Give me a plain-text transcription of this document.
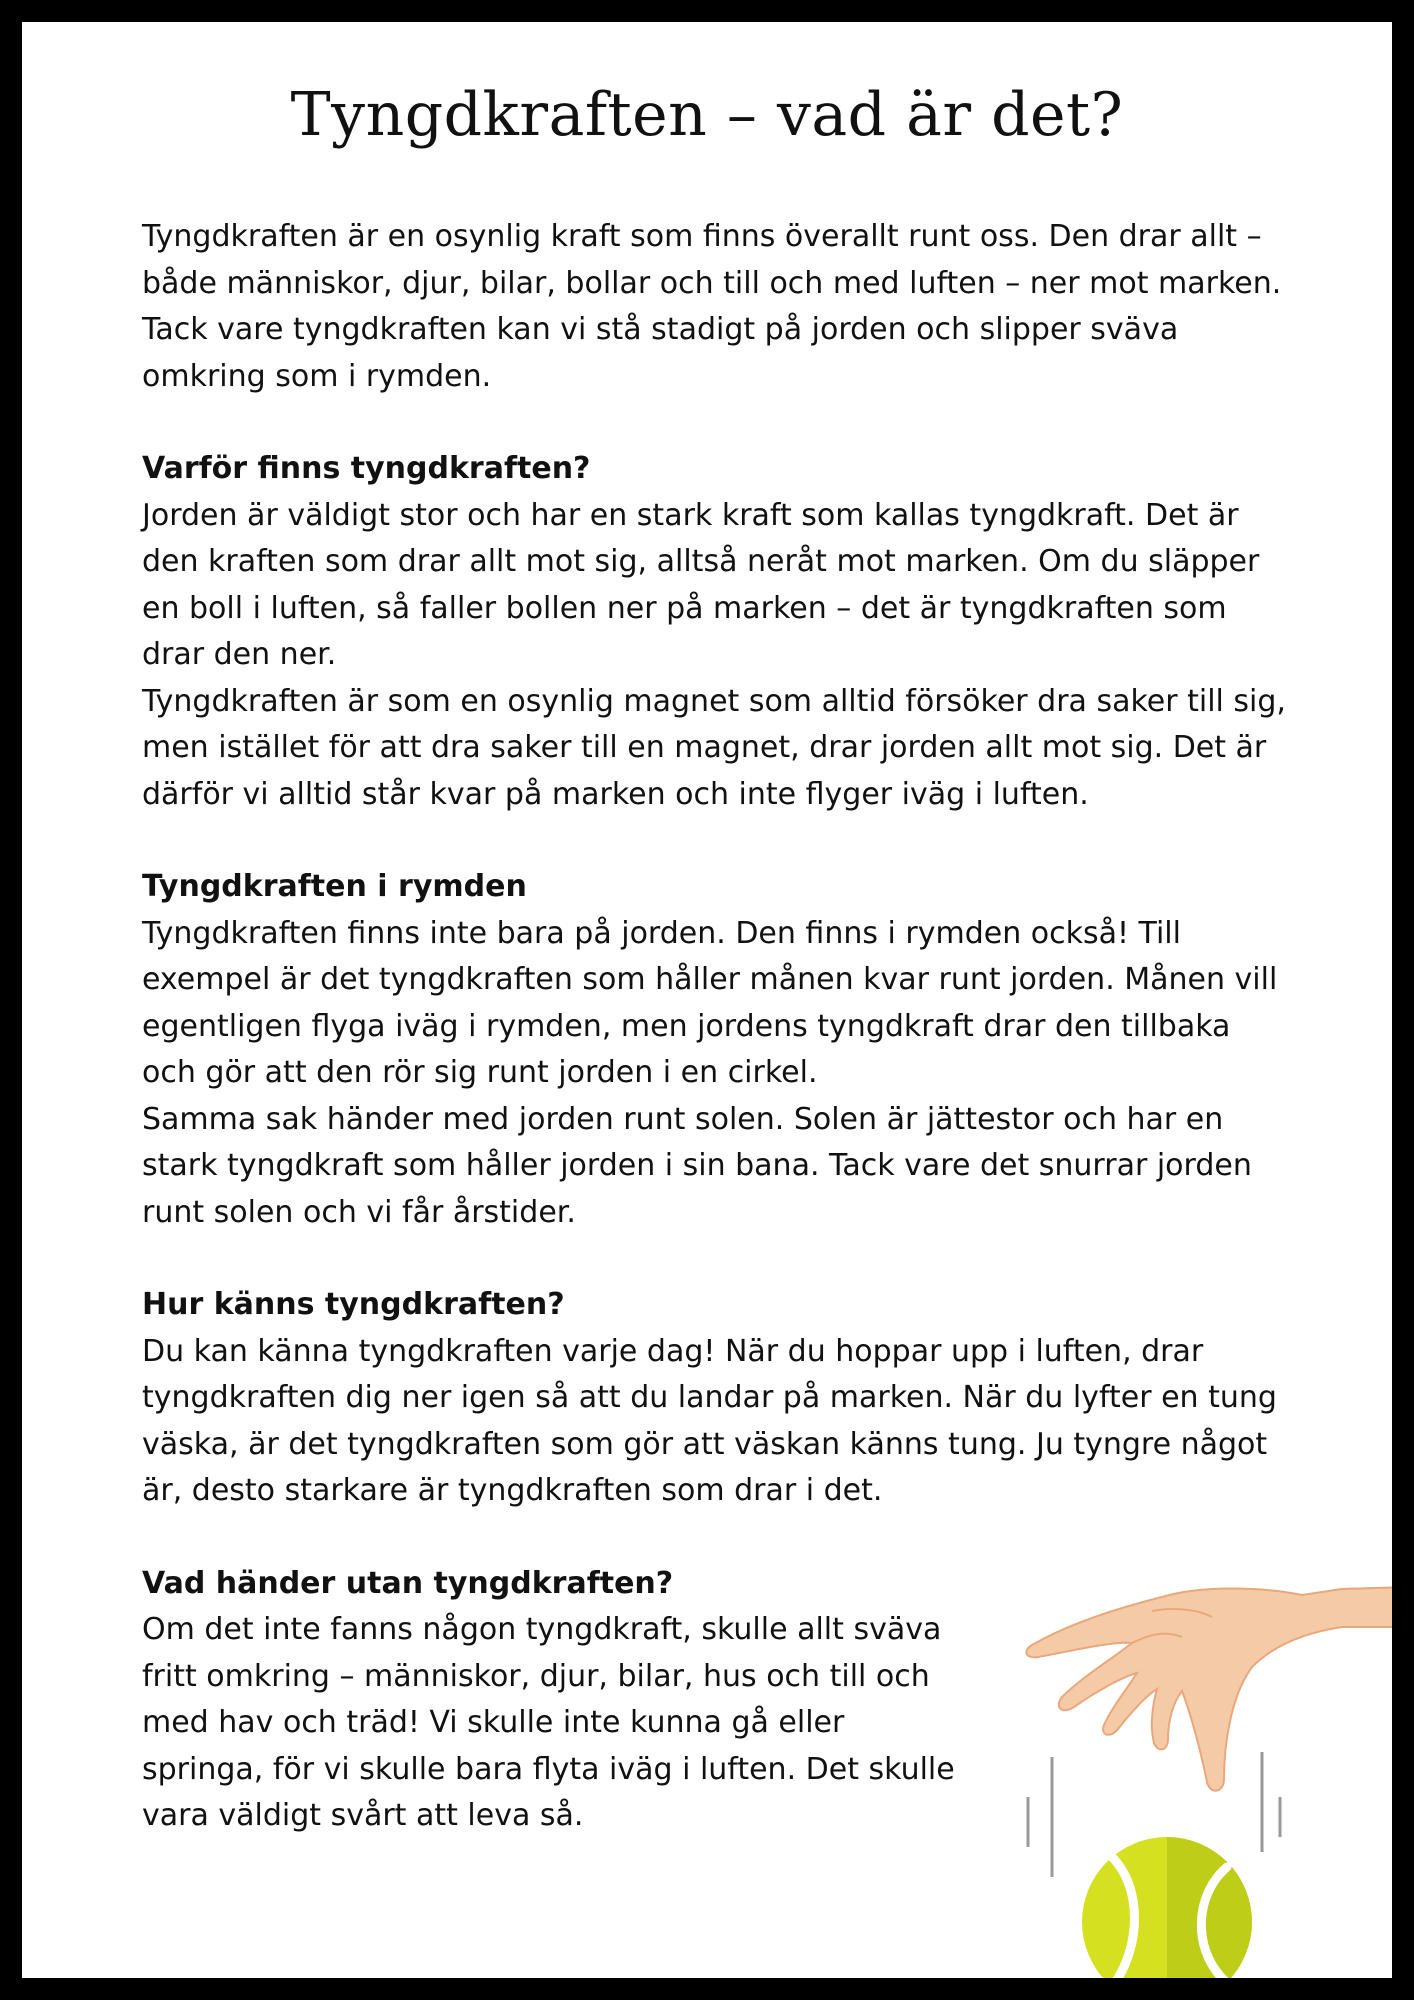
Tyngdkraften – vad är det?

Tyngdkraften är en osynlig kraft som finns överallt runt oss. Den drar allt – både människor, djur, bilar, bollar och till och med luften – ner mot marken. Tack vare tyngdkraften kan vi stå stadigt på jorden och slipper sväva omkring som i rymden.

Varför finns tyngdkraften?

Jorden är väldigt stor och har en stark kraft som kallas tyngdkraft. Det är den kraften som drar allt mot sig, alltså neråt mot marken. Om du släpper en boll i luften, så faller bollen ner på marken – det är tyngdkraften som drar den ner.

Tyngdkraften är som en osynlig magnet som alltid försöker dra saker till sig, men istället för att dra saker till en magnet, drar jorden allt mot sig. Det är därför vi alltid står kvar på marken och inte flyger iväg i luften.

Tyngdkraften i rymden

Tyngdkraften finns inte bara på jorden. Den finns i rymden också! Till exempel är det tyngdkraften som håller månen kvar runt jorden. Månen vill egentligen flyga iväg i rymden, men jordens tyngdkraft drar den tillbaka och gör att den rör sig runt jorden i en cirkel.

Samma sak händer med jorden runt solen. Solen är jättestor och har en stark tyngdkraft som håller jorden i sin bana. Tack vare det snurrar jorden runt solen och vi får årstider.

Hur känns tyngdkraften?

Du kan känna tyngdkraften varje dag! När du hoppar upp i luften, drar tyngdkraften dig ner igen så att du landar på marken. När du lyfter en tung väska, är det tyngdkraften som gör att väskan känns tung. Ju tyngre något är, desto starkare är tyngdkraften som drar i det.

Vad händer utan tyngdkraften?

Om det inte fanns någon tyngdkraft, skulle allt sväva fritt omkring – människor, djur, bilar, hus och till och med hav och träd! Vi skulle inte kunna gå eller springa, för vi skulle bara flyta iväg i luften. Det skulle vara väldigt svårt att leva så.
